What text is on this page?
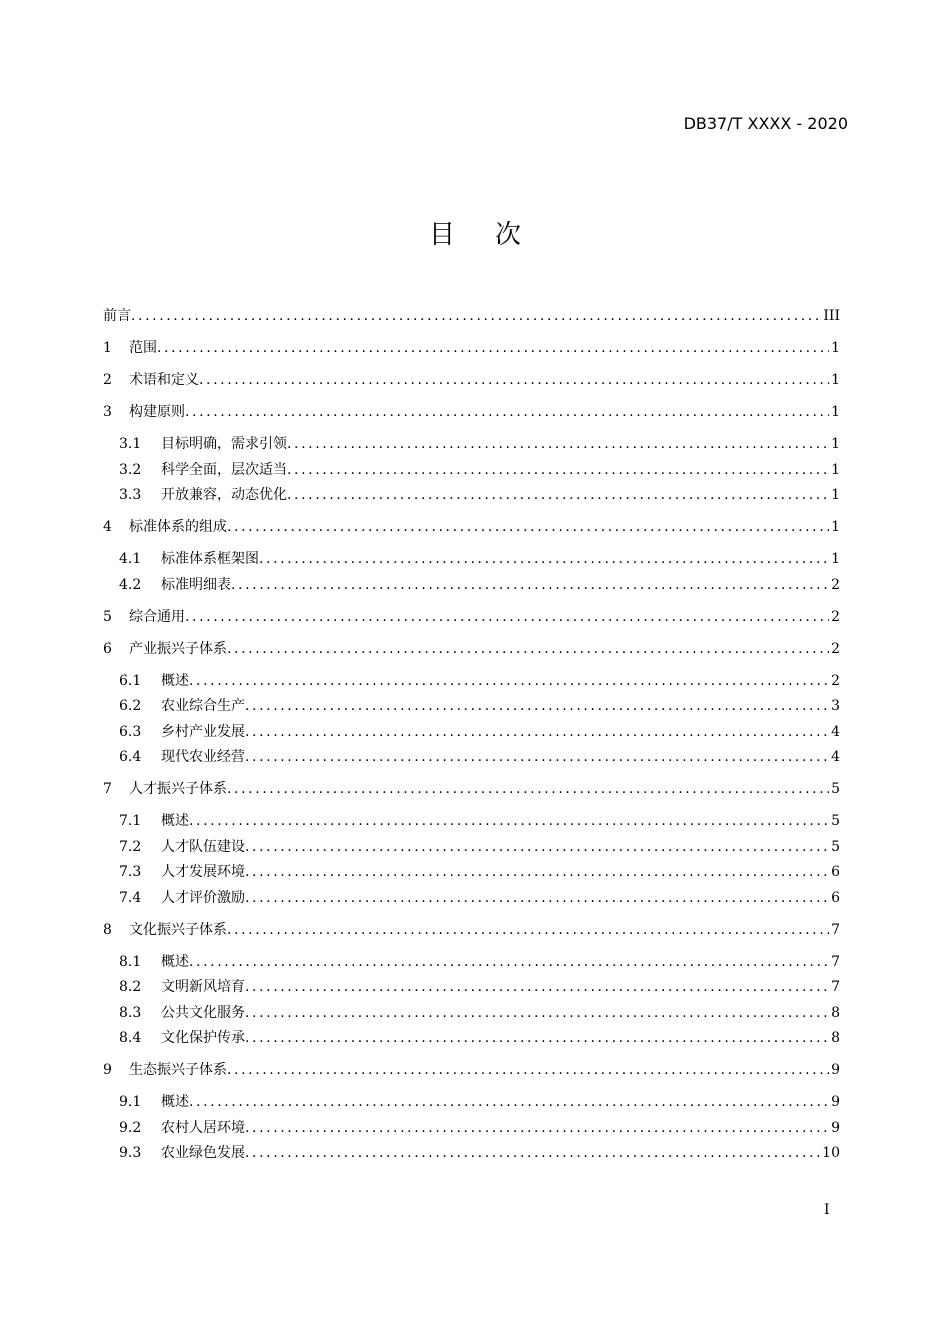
DB37/T XXXX - 2020
目次
前言 .....	III
1	范围 .....	1
2	术语和定义 .....	1
3	构建原则 .....	1
3.1	目标明确，需求引领 .....	1
3.2	科学全面，层次适当 .....	1
3.3	开放兼容，动态优化 .....	1
4	标准体系的组成 .....	1
4.1	标准体系框架图 .....	1
4.2	标准明细表 .....	2
5	综合通用 .....	2
6	产业振兴子体系 .....	2
6.1	概述 .....	2
6.2	农业综合生产 .....	3
6.3	乡村产业发展 .....	4
6.4	现代农业经营 .....	4
7	人才振兴子体系 .....	5
7.1	概述 .....	5
7.2	人才队伍建设 .....	5
7.3	人才发展环境 .....	6
7.4	人才评价激励 .....	6
8	文化振兴子体系 .....	7
8.1	概述 .....	7
8.2	文明新风培育 .....	7
8.3	公共文化服务 .....	8
8.4	文化保护传承 .....	8
9	生态振兴子体系 .....	9
9.1	概述 .....	9
9.2	农村人居环境 .....	9
9.3	农业绿色发展 .....	10
I
